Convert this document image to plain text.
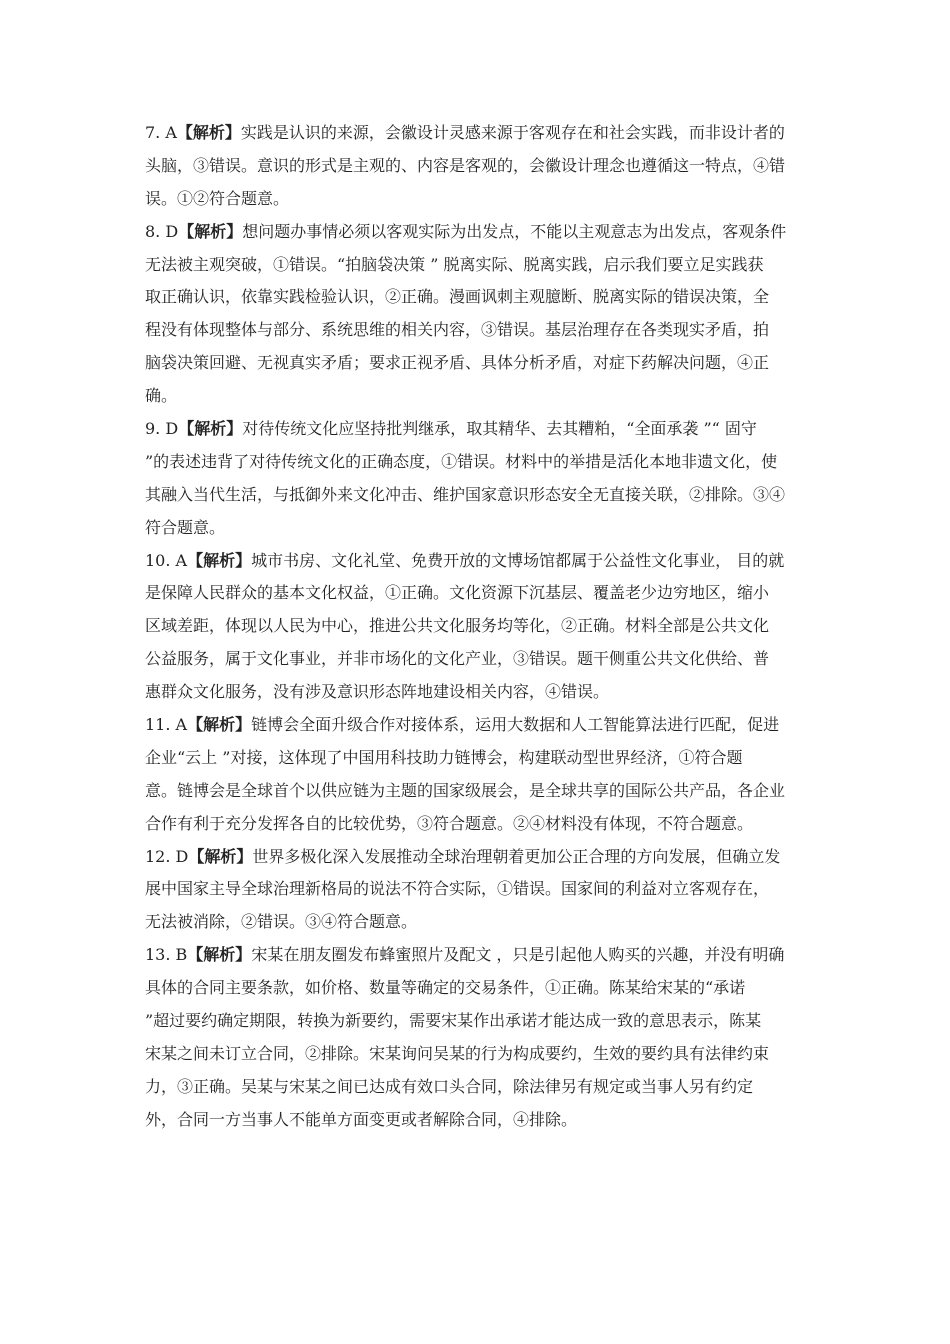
7. A【解析】实践是认识的来源，会徽设计灵感来源于客观存在和社会实践，而非设计者的
头脑，③错误。意识的形式是主观的、内容是客观的，会徽设计理念也遵循这一特点，④错
误。①②符合题意。
8. D【解析】想问题办事情必须以客观实际为出发点，不能以主观意志为出发点，客观条件
无法被主观突破，①错误。“拍脑袋决策 ” 脱离实际、脱离实践，启示我们要立足实践获
取正确认识，依靠实践检验认识，②正确。漫画讽刺主观臆断、脱离实际的错误决策，全
程没有体现整体与部分、系统思维的相关内容，③错误。基层治理存在各类现实矛盾，拍
脑袋决策回避、无视真实矛盾；要求正视矛盾、具体分析矛盾，对症下药解决问题，④正
确。
9. D【解析】对待传统文化应坚持批判继承，取其精华、去其糟粕，“全面承袭 ”“ 固守
”的表述违背了对待传统文化的正确态度，①错误。材料中的举措是活化本地非遗文化，使
其融入当代生活，与抵御外来文化冲击、维护国家意识形态安全无直接关联，②排除。③④
符合题意。
10. A【解析】城市书房、文化礼堂、免费开放的文博场馆都属于公益性文化事业， 目的就
是保障人民群众的基本文化权益，①正确。文化资源下沉基层、覆盖老少边穷地区，缩小
区域差距，体现以人民为中心，推进公共文化服务均等化，②正确。材料全部是公共文化
公益服务，属于文化事业，并非市场化的文化产业，③错误。题干侧重公共文化供给、普
惠群众文化服务，没有涉及意识形态阵地建设相关内容，④错误。
11. A【解析】链博会全面升级合作对接体系，运用大数据和人工智能算法进行匹配，促进
企业“云上 ”对接，这体现了中国用科技助力链博会，构建联动型世界经济，①符合题
意。链博会是全球首个以供应链为主题的国家级展会，是全球共享的国际公共产品，各企业
合作有利于充分发挥各自的比较优势，③符合题意。②④材料没有体现，不符合题意。
12. D【解析】世界多极化深入发展推动全球治理朝着更加公正合理的方向发展，但确立发
展中国家主导全球治理新格局的说法不符合实际，①错误。国家间的利益对立客观存在，
无法被消除，②错误。③④符合题意。
13. B【解析】宋某在朋友圈发布蜂蜜照片及配文 ，只是引起他人购买的兴趣，并没有明确
具体的合同主要条款，如价格、数量等确定的交易条件，①正确。陈某给宋某的“承诺
”超过要约确定期限，转换为新要约，需要宋某作出承诺才能达成一致的意思表示，陈某
宋某之间未订立合同，②排除。宋某询问吴某的行为构成要约，生效的要约具有法律约束
力，③正确。吴某与宋某之间已达成有效口头合同，除法律另有规定或当事人另有约定
外，合同一方当事人不能单方面变更或者解除合同，④排除。
